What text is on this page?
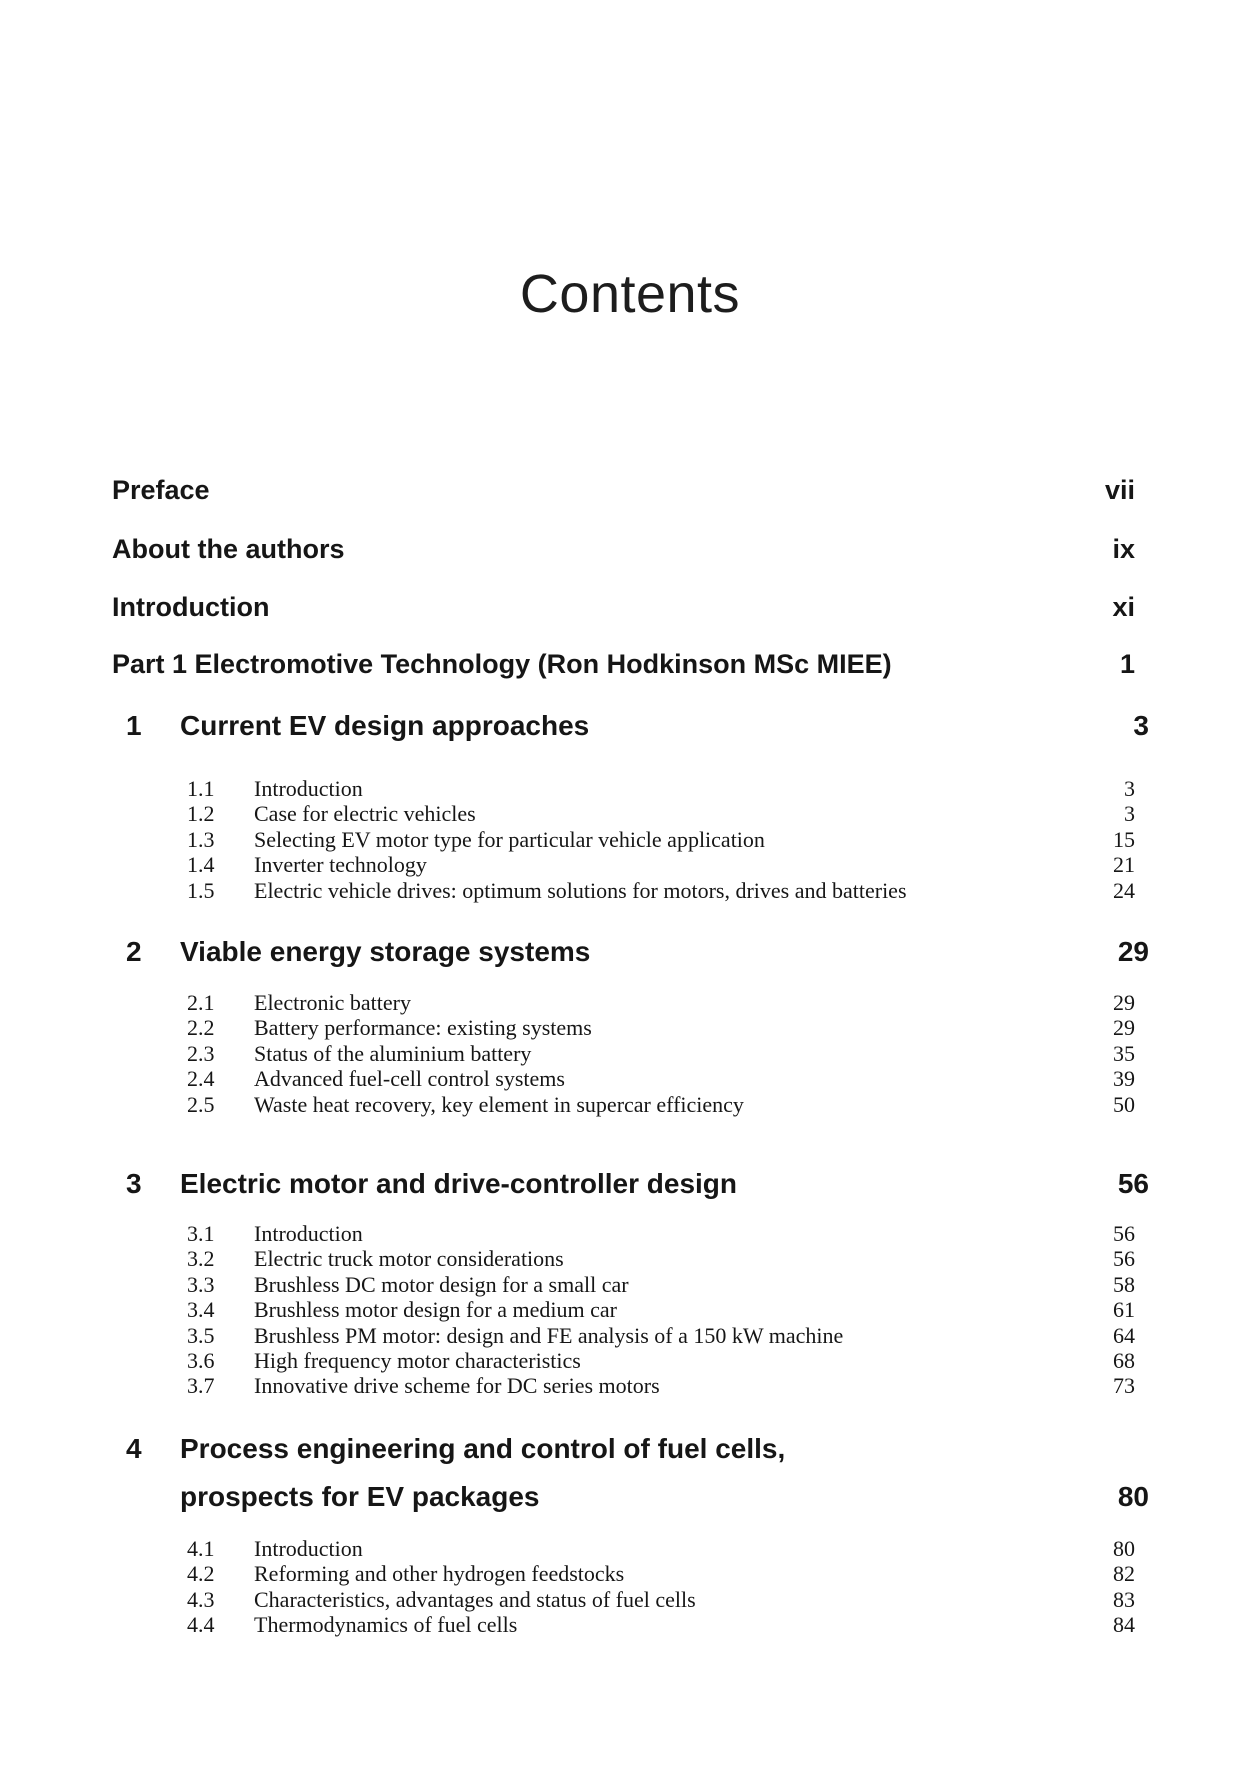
Contents
Preface	vii
About the authors	ix
Introduction	xi
Part 1 Electromotive Technology (Ron Hodkinson MSc MIEE)	1
1	Current EV design approaches	3
1.1	Introduction	3
1.2	Case for electric vehicles	3
1.3	Selecting EV motor type for particular vehicle application	15
1.4	Inverter technology	21
1.5	Electric vehicle drives: optimum solutions for motors, drives and batteries	24
2	Viable energy storage systems	29
2.1	Electronic battery	29
2.2	Battery performance: existing systems	29
2.3	Status of the aluminium battery	35
2.4	Advanced fuel-cell control systems	39
2.5	Waste heat recovery, key element in supercar efficiency	50
3	Electric motor and drive-controller design	56
3.1	Introduction	56
3.2	Electric truck motor considerations	56
3.3	Brushless DC motor design for a small car	58
3.4	Brushless motor design for a medium car	61
3.5	Brushless PM motor: design and FE analysis of a 150 kW machine	64
3.6	High frequency motor characteristics	68
3.7	Innovative drive scheme for DC series motors	73
4	Process engineering and control of fuel cells,
prospects for EV packages	80
4.1	Introduction	80
4.2	Reforming and other hydrogen feedstocks	82
4.3	Characteristics, advantages and status of fuel cells	83
4.4	Thermodynamics of fuel cells	84
